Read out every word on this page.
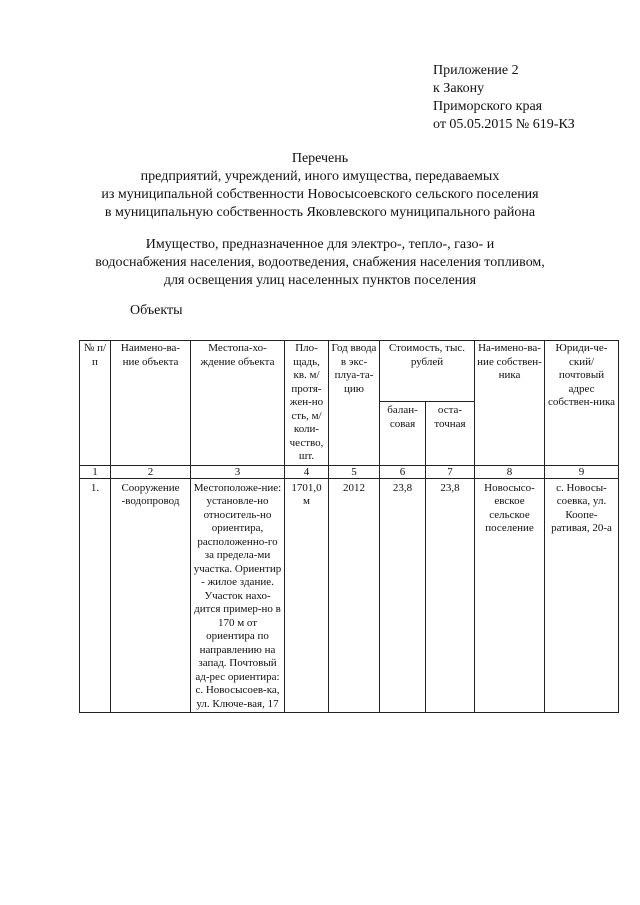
Приложение 2
к Закону
Приморского края
от 05.05.2015 № 619-КЗ
Перечень
предприятий, учреждений, иного имущества, передаваемых
из муниципальной собственности Новосысоевского сельского поселения
в муниципальную собственность Яковлевского муниципального района
Имущество, предназначенное для электро-, тепло-, газо- и
водоснабжения населения, водоотведения, снабжения населения топливом,
для освещения улиц населенных пунктов поселения
Объекты
№ п/п	Наимено-ва-ние объекта	Местопа-хо-ждение объекта	Пло-щадь, кв. м/ протя-жен-но сть, м/ коли-чество, шт.	Год ввода в экс-плуа-та-цию	Стоимость, тыс. рублей		На-имено-ва-ние собствен-ника	Юриди-че-ский/ почтовый адрес собствен-ника
					балан-совая	оста-точная		
1	2	3	4	5	6	7	8	9
1.	Сооружение -водопровод	Местоположе-ние: установле-но относитель-но ориентира, расположенно-го за предела-ми участка. Ориентир - жилое здание. Участок нахо-дится пример-но в 170 м от ориентира по направлению на запад. Почтовый ад-рес ориентира: с. Новосысоев-ка, ул. Ключе-вая, 17	1701,0 м	2012	23,8	23,8	Новосысо-евское сельское поселение	с. Новосы-соевка, ул. Коопе-ративая, 20-а
